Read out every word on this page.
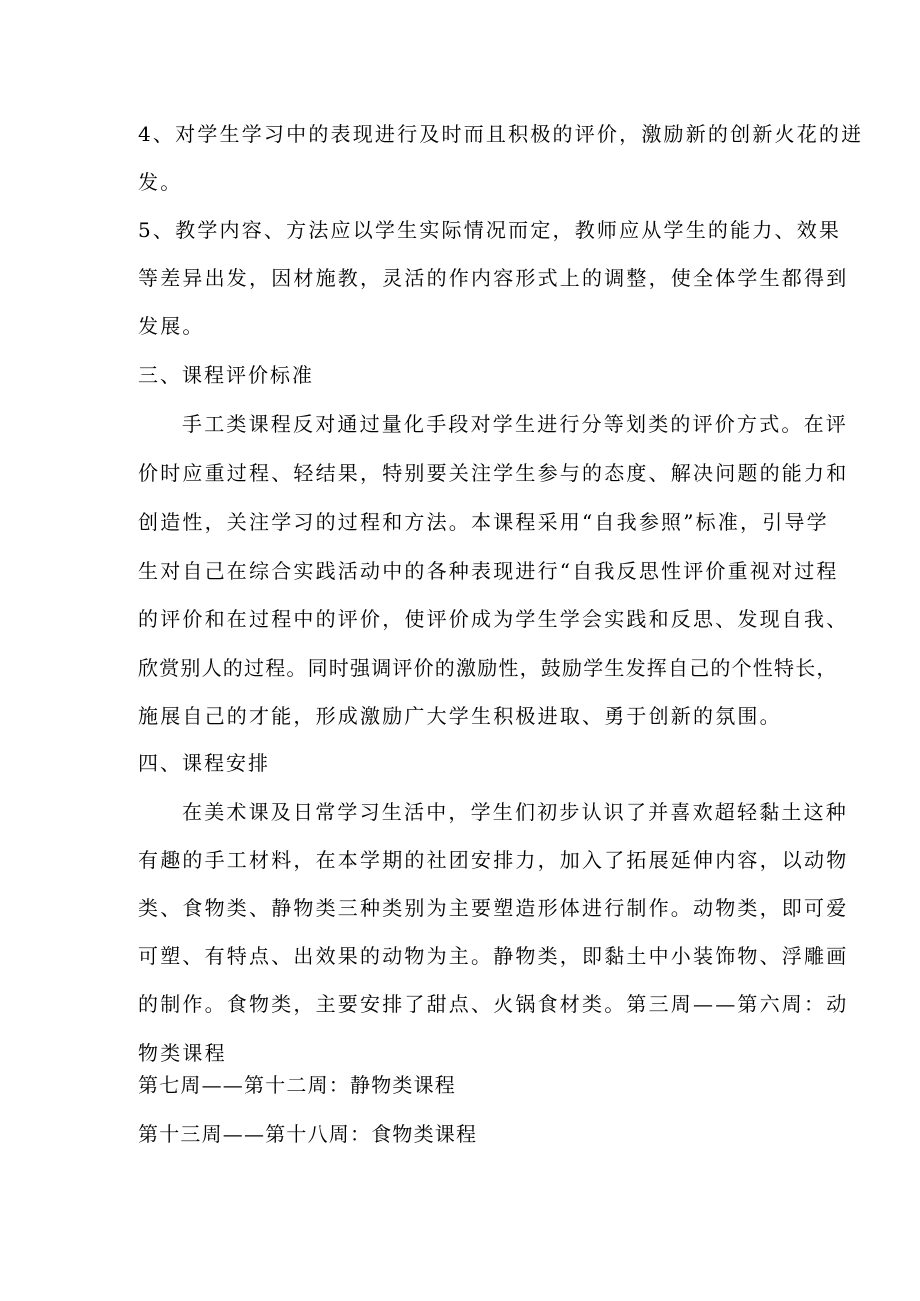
4、对学生学习中的表现进行及时而且积极的评价，激励新的创新火花的迸
发。
5、教学内容、方法应以学生实际情况而定，教师应从学生的能力、效果
等差异出发，因材施教，灵活的作内容形式上的调整，使全体学生都得到
发展。
三、课程评价标准
手工类课程反对通过量化手段对学生进行分等划类的评价方式。在评
价时应重过程、轻结果，特别要关注学生参与的态度、解决问题的能力和
创造性，关注学习的过程和方法。本课程采用“自我参照”标准，引导学
生对自己在综合实践活动中的各种表现进行“自我反思性评价重视对过程
的评价和在过程中的评价，使评价成为学生学会实践和反思、发现自我、
欣赏别人的过程。同时强调评价的激励性，鼓励学生发挥自己的个性特长，
施展自己的才能，形成激励广大学生积极进取、勇于创新的氛围。
四、课程安排
在美术课及日常学习生活中，学生们初步认识了并喜欢超轻黏土这种
有趣的手工材料，在本学期的社团安排力，加入了拓展延伸内容，以动物
类、食物类、静物类三种类别为主要塑造形体进行制作。动物类，即可爱
可塑、有特点、出效果的动物为主。静物类，即黏土中小装饰物、浮雕画
的制作。食物类，主要安排了甜点、火锅食材类。第三周——第六周：动
物类课程
第七周——第十二周：静物类课程
第十三周——第十八周：食物类课程
